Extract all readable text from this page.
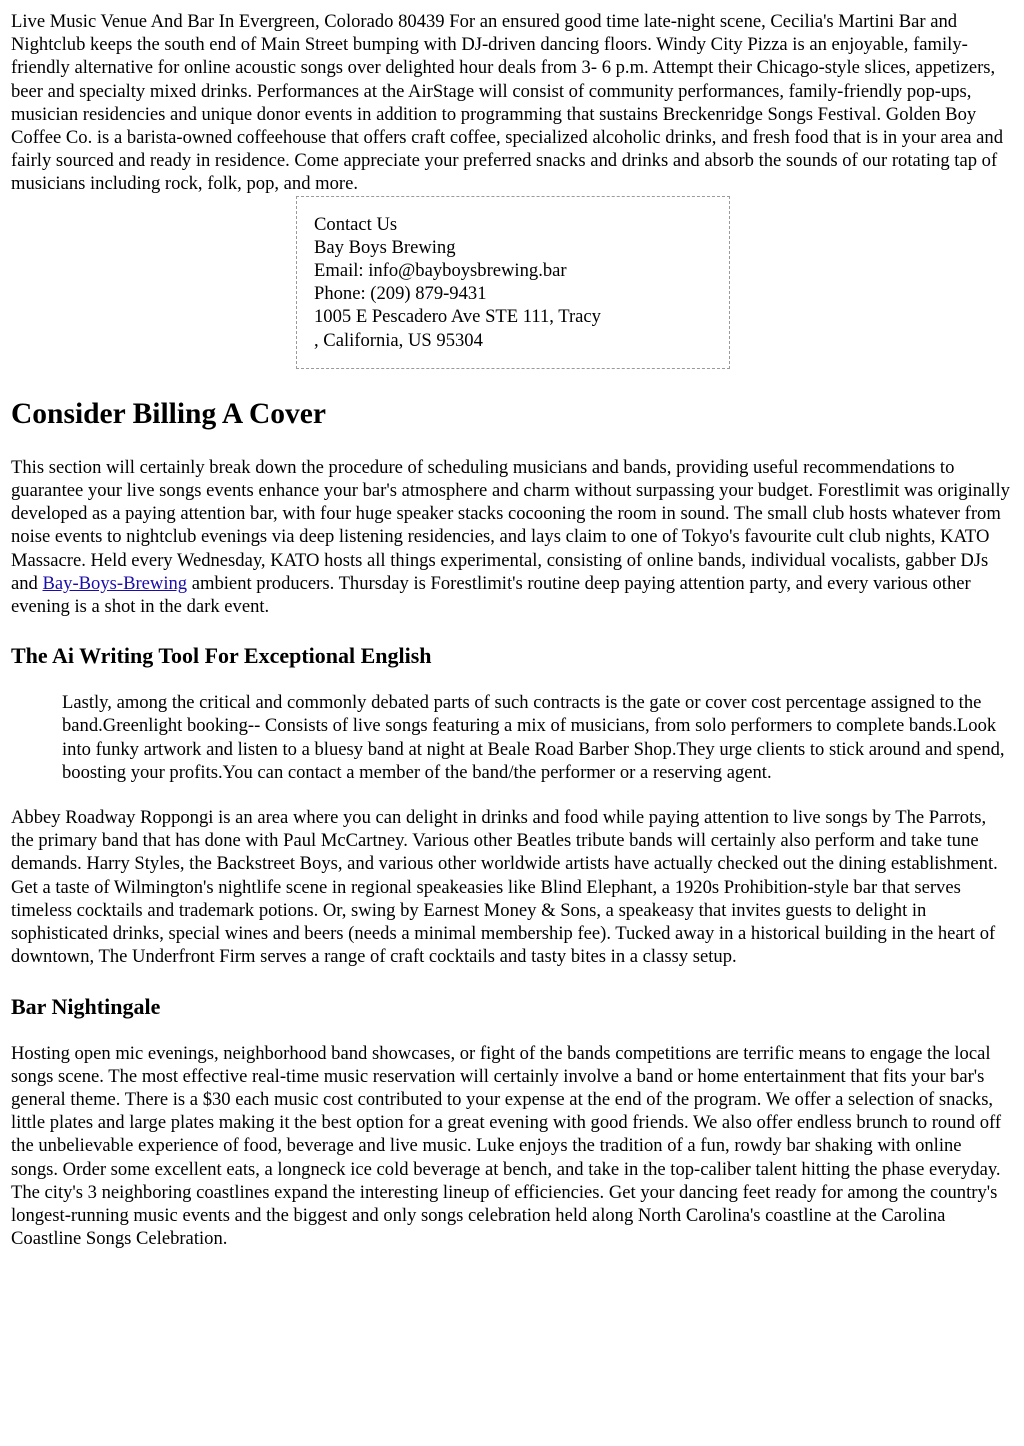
Live Music Venue And Bar In Evergreen, Colorado 80439 For an ensured good time late-night scene, Cecilia's Martini Bar and Nightclub keeps the south end of Main Street bumping with DJ-driven dancing floors. Windy City Pizza is an enjoyable, family-friendly alternative for online acoustic songs over delighted hour deals from 3- 6 p.m. Attempt their Chicago-style slices, appetizers, beer and specialty mixed drinks. Performances at the AirStage will consist of community performances, family-friendly pop-ups, musician residencies and unique donor events in addition to programming that sustains Breckenridge Songs Festival. Golden Boy Coffee Co. is a barista-owned coffeehouse that offers craft coffee, specialized alcoholic drinks, and fresh food that is in your area and fairly sourced and ready in residence. Come appreciate your preferred snacks and drinks and absorb the sounds of our rotating tap of musicians including rock, folk, pop, and more.

Contact Us
Bay Boys Brewing
Email: info@bayboysbrewing.bar
Phone: (209) 879-9431
1005 E Pescadero Ave STE 111, Tracy
, California, US 95304
Consider Billing A Cover

This section will certainly break down the procedure of scheduling musicians and bands, providing useful recommendations to guarantee your live songs events enhance your bar's atmosphere and charm without surpassing your budget. Forestlimit was originally developed as a paying attention bar, with four huge speaker stacks cocooning the room in sound. The small club hosts whatever from noise events to nightclub evenings via deep listening residencies, and lays claim to one of Tokyo's favourite cult club nights, KATO Massacre. Held every Wednesday, KATO hosts all things experimental, consisting of online bands, individual vocalists, gabber DJs and Bay-Boys-Brewing ambient producers. Thursday is Forestlimit's routine deep paying attention party, and every various other evening is a shot in the dark event.

The Ai Writing Tool For Exceptional English
Lastly, among the critical and commonly debated parts of such contracts is the gate or cover cost percentage assigned to the band.Greenlight booking-- Consists of live songs featuring a mix of musicians, from solo performers to complete bands.Look into funky artwork and listen to a bluesy band at night at Beale Road Barber Shop.They urge clients to stick around and spend, boosting your profits.You can contact a member of the band/the performer or a reserving agent.

Abbey Roadway Roppongi is an area where you can delight in drinks and food while paying attention to live songs by The Parrots, the primary band that has done with Paul McCartney. Various other Beatles tribute bands will certainly also perform and take tune demands. Harry Styles, the Backstreet Boys, and various other worldwide artists have actually checked out the dining establishment. Get a taste of Wilmington's nightlife scene in regional speakeasies like Blind Elephant, a 1920s Prohibition-style bar that serves timeless cocktails and trademark potions. Or, swing by Earnest Money & Sons, a speakeasy that invites guests to delight in sophisticated drinks, special wines and beers (needs a minimal membership fee). Tucked away in a historical building in the heart of downtown, The Underfront Firm serves a range of craft cocktails and tasty bites in a classy setup.

Bar Nightingale

Hosting open mic evenings, neighborhood band showcases, or fight of the bands competitions are terrific means to engage the local songs scene. The most effective real-time music reservation will certainly involve a band or home entertainment that fits your bar's general theme. There is a $30 each music cost contributed to your expense at the end of the program. We offer a selection of snacks, little plates and large plates making it the best option for a great evening with good friends. We also offer endless brunch to round off the unbelievable experience of food, beverage and live music. Luke enjoys the tradition of a fun, rowdy bar shaking with online songs. Order some excellent eats, a longneck ice cold beverage at bench, and take in the top-caliber talent hitting the phase everyday. The city's 3 neighboring coastlines expand the interesting lineup of efficiencies. Get your dancing feet ready for among the country's longest-running music events and the biggest and only songs celebration held along North Carolina's coastline at the Carolina Coastline Songs Celebration.
